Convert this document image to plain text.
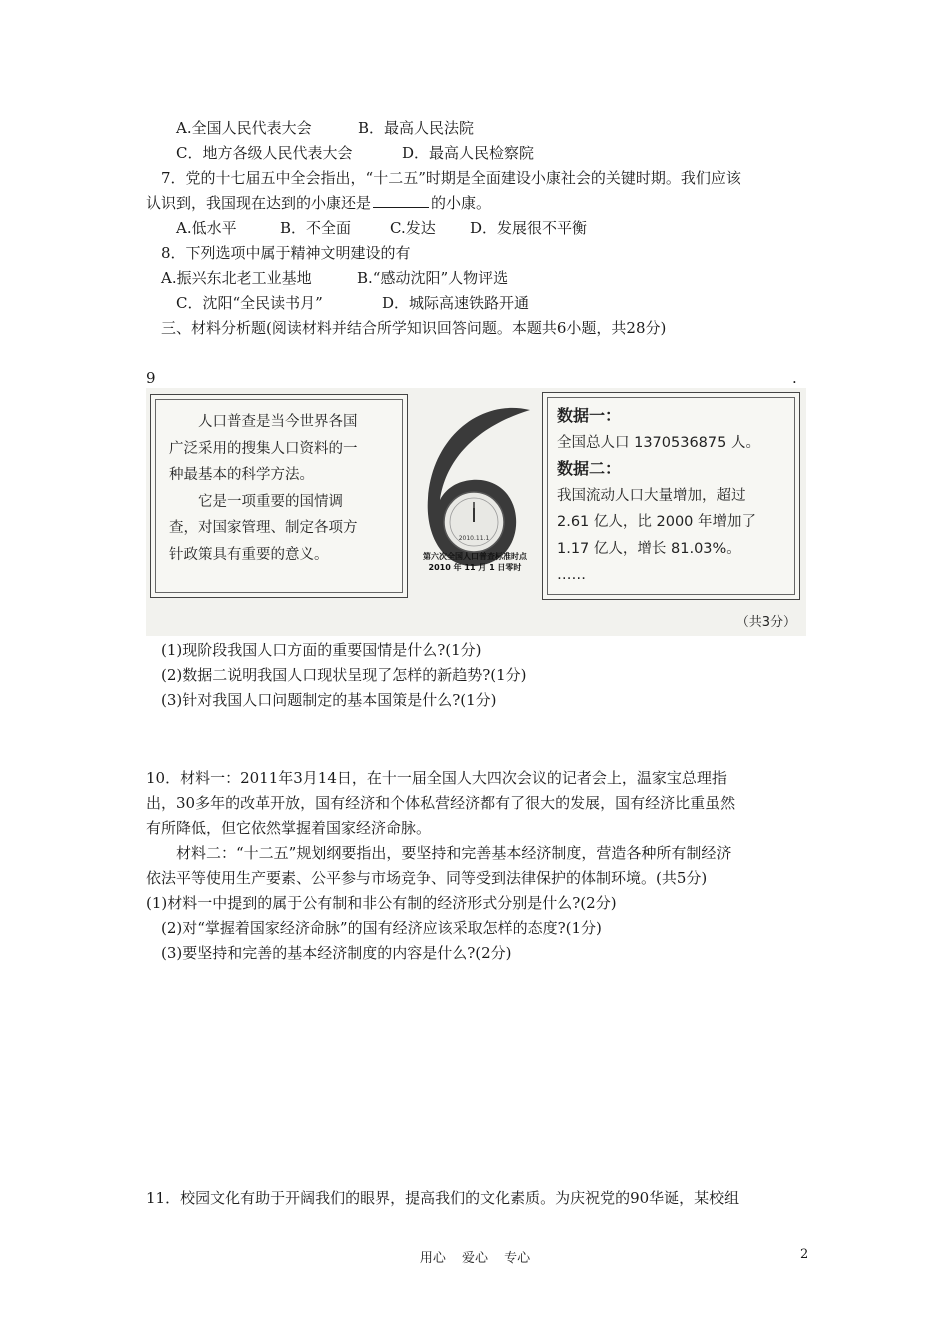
A.全国人民代表大会	B．最高人民法院
C．地方各级人民代表大会	D．最高人民检察院
7．党的十七届五中全会指出，“十二五”时期是全面建设小康社会的关键时期。我们应该
认识到，我国现在达到的小康还是	的小康。
A.低水平	B．不全面	C.发达 D．发展很不平衡
8．下列选项中属于精神文明建设的有
A.振兴东北老工业基地	B.“感动沈阳”人物评选
C．沈阳“全民读书月”	D．城际高速铁路开通
三、材料分析题(阅读材料并结合所学知识回答问题。本题共6小题，共28分)
9	.
　　人口普查是当今世界各国
广泛采用的搜集人口资料的一
种最基本的科学方法。
　　它是一项重要的国情调
查，对国家管理、制定各项方
针政策具有重要的意义。
2010.11.1
第六次全国人口普查标准时点
2010 年 11 月 1 日零时
数据一：
全国总人口 1370536875 人。
数据二：
我国流动人口大量增加，超过
2.61 亿人，比 2000 年增加了
1.17 亿人，增长 81.03%。
……
（共3分）
(1)现阶段我国人口方面的重要国情是什么?(1分)
(2)数据二说明我国人口现状呈现了怎样的新趋势?(1分)
(3)针对我国人口问题制定的基本国策是什么?(1分)
10．材料一：2011年3月14日，在十一届全国人大四次会议的记者会上，温家宝总理指
出，30多年的改革开放，国有经济和个体私营经济都有了很大的发展，国有经济比重虽然
有所降低，但它依然掌握着国家经济命脉。
材料二：“十二五”规划纲要指出，要坚持和完善基本经济制度，营造各种所有制经济
依法平等使用生产要素、公平参与市场竞争、同等受到法律保护的体制环境。(共5分)
(1)材料一中提到的属于公有制和非公有制的经济形式分别是什么?(2分)
(2)对“掌握着国家经济命脉”的国有经济应该采取怎样的态度?(1分)
(3)要坚持和完善的基本经济制度的内容是什么?(2分)
11．校园文化有助于开阔我们的眼界，提高我们的文化素质。为庆祝党的90华诞，某校组
用心 爱心 专心	2
